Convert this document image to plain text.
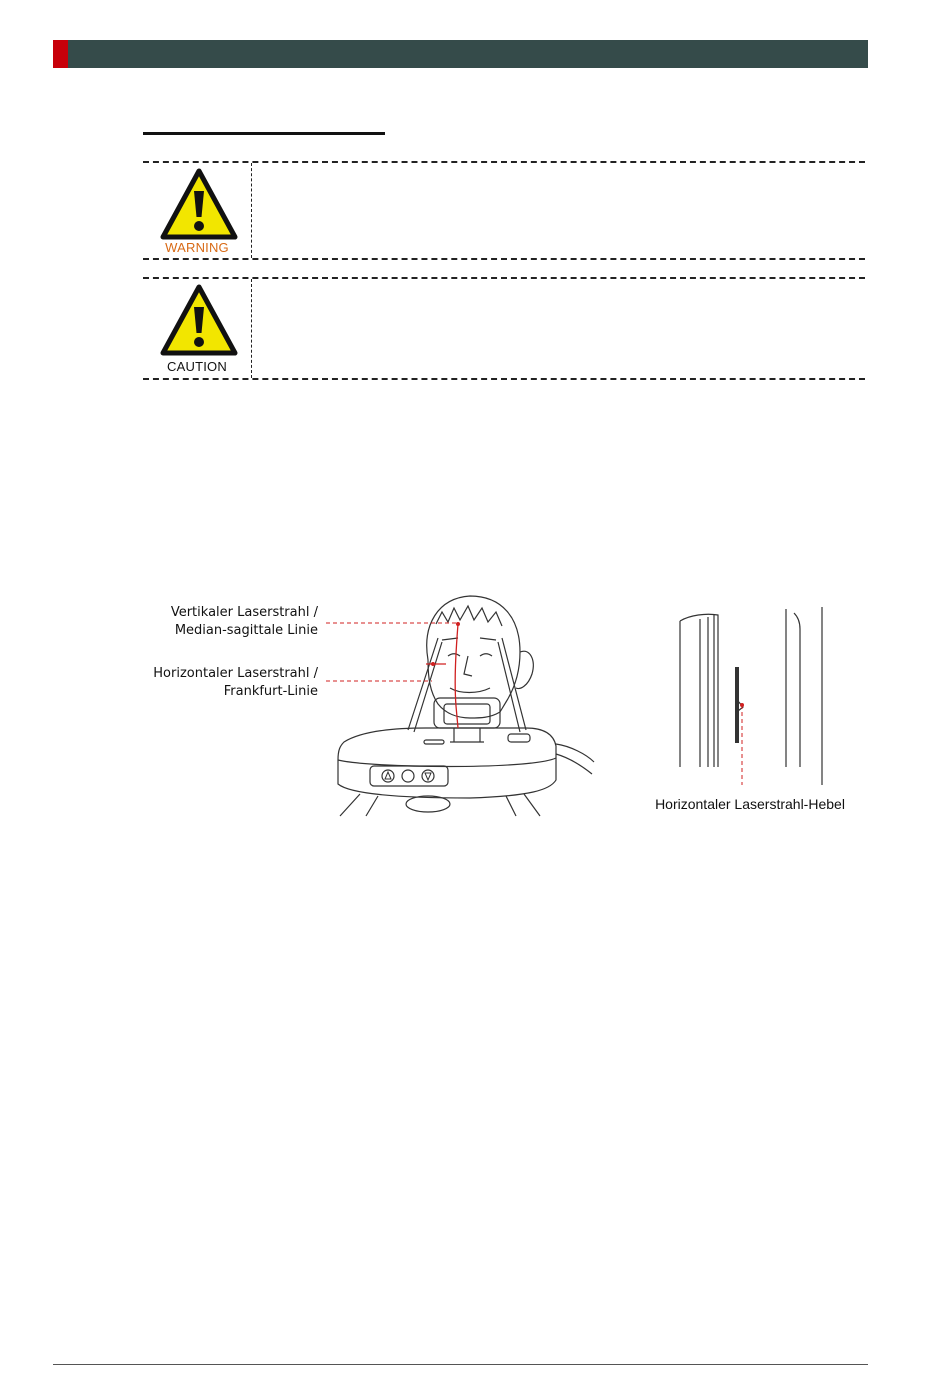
WARNING
CAUTION
Vertikaler Laserstrahl /
Median-sagittale Linie
Horizontaler Laserstrahl /
Frankfurt-Linie
Horizontaler Laserstrahl-Hebel
